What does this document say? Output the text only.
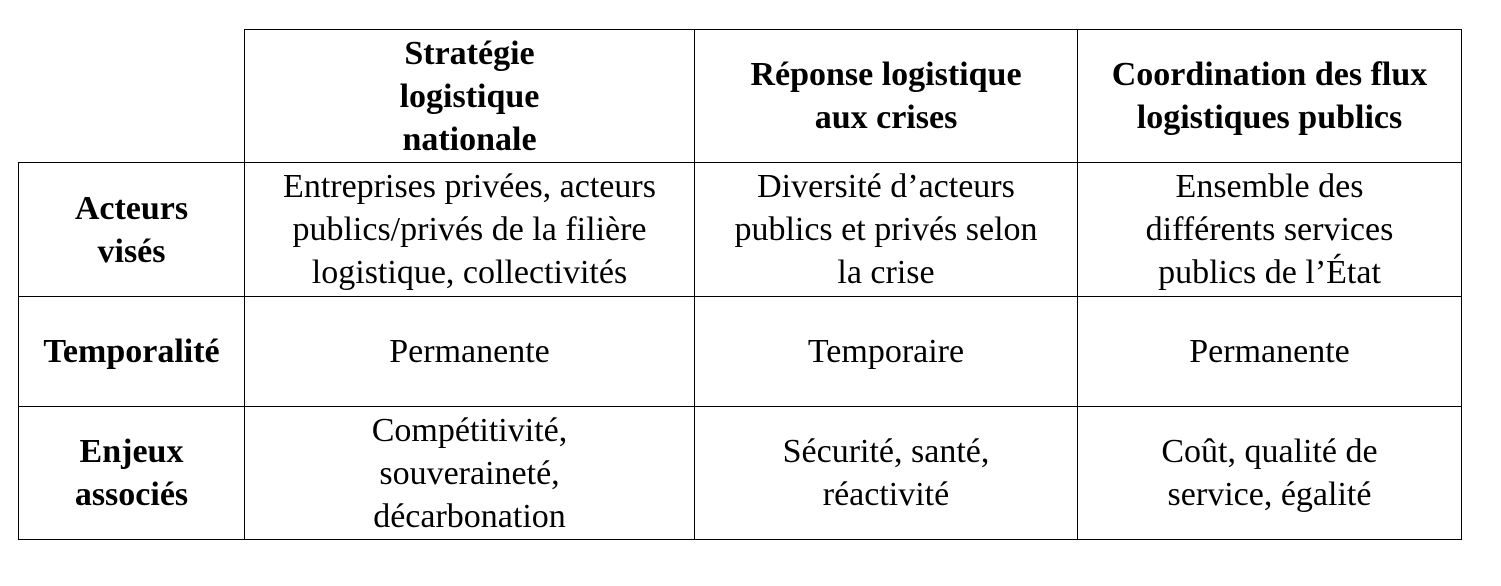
	Stratégie
logistique
nationale	Réponse logistique
aux crises	Coordination des flux
logistiques publics

Acteurs
visés	Entreprises privées, acteurs
publics/privés de la filière
logistique, collectivités	Diversité d’acteurs
publics et privés selon
la crise	Ensemble des
différents services
publics de l’État

Temporalité	Permanente	Temporaire	Permanente

Enjeux
associés	Compétitivité,
souveraineté,
décarbonation	Sécurité, santé,
réactivité	Coût, qualité de
service, égalité
